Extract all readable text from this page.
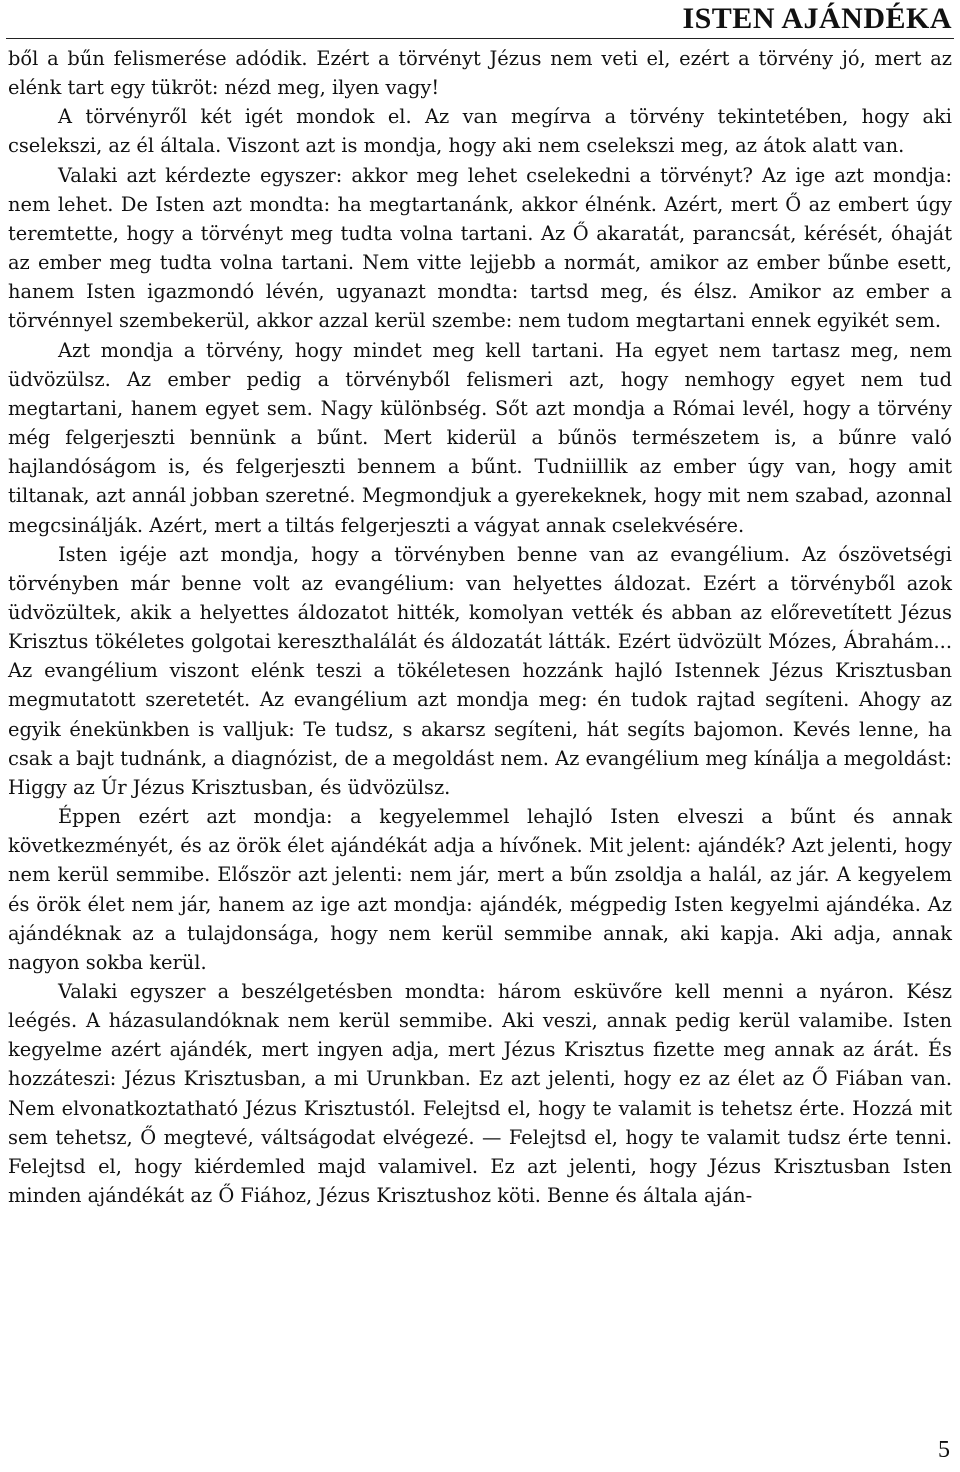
ISTEN AJÁNDÉKA

ből a bűn felismerése adódik. Ezért a törvényt Jézus nem veti el, ezért a törvény jó, mert az elénk tart egy tükröt: nézd meg, ilyen vagy!

A törvényről két igét mondok el. Az van megírva a törvény tekintetében, hogy aki cselekszi, az él általa. Viszont azt is mondja, hogy aki nem cselekszi meg, az átok alatt van.

Valaki azt kérdezte egyszer: akkor meg lehet cselekedni a törvényt? Az ige azt mondja: nem lehet. De Isten azt mondta: ha megtartanánk, akkor élnénk. Azért, mert Ő az embert úgy teremtette, hogy a törvényt meg tudta volna tartani. Az Ő akaratát, parancsát, kérését, óhaját az ember meg tudta volna tartani. Nem vitte lejjebb a normát, amikor az ember bűnbe esett, hanem Isten igazmondó lévén, ugyanazt mondta: tartsd meg, és élsz. Amikor az ember a törvénnyel szembekerül, akkor azzal kerül szembe: nem tudom megtartani ennek egyikét sem.

Azt mondja a törvény, hogy mindet meg kell tartani. Ha egyet nem tartasz meg, nem üdvözülsz. Az ember pedig a törvényből felismeri azt, hogy nemhogy egyet nem tud megtartani, hanem egyet sem. Nagy különbség. Sőt azt mondja a Római levél, hogy a törvény még felgerjeszti bennünk a bűnt. Mert kiderül a bűnös természetem is, a bűnre való hajlandóságom is, és felgerjeszti bennem a bűnt. Tudniillik az ember úgy van, hogy amit tiltanak, azt annál jobban szeretné. Megmondjuk a gyerekeknek, hogy mit nem szabad, azonnal megcsinálják. Azért, mert a tiltás felgerjeszti a vágyat annak cselekvésére.

Isten igéje azt mondja, hogy a törvényben benne van az evangélium. Az ószövetségi törvényben már benne volt az evangélium: van helyettes áldozat. Ezért a törvényből azok üdvözültek, akik a helyettes áldozatot hitték, komolyan vették és abban az előrevetített Jézus Krisztus tökéletes golgotai kereszthalálát és áldozatát látták. Ezért üdvözült Mózes, Ábrahám... Az evangélium viszont elénk teszi a tökéletesen hozzánk hajló Istennek Jézus Krisztusban megmutatott szeretetét. Az evangélium azt mondja meg: én tudok rajtad segíteni. Ahogy az egyik énekünkben is valljuk: Te tudsz, s akarsz segíteni, hát segíts bajomon. Kevés lenne, ha csak a bajt tudnánk, a diagnózist, de a megoldást nem. Az evangélium meg kínálja a megoldást: Higgy az Úr Jézus Krisztusban, és üdvözülsz.

Éppen ezért azt mondja: a kegyelemmel lehajló Isten elveszi a bűnt és annak következményét, és az örök élet ajándékát adja a hívőnek. Mit jelent: ajándék? Azt jelenti, hogy nem kerül semmibe. Először azt jelenti: nem jár, mert a bűn zsoldja a halál, az jár. A kegyelem és örök élet nem jár, hanem az ige azt mondja: ajándék, mégpedig Isten kegyelmi ajándéka. Az ajándéknak az a tulajdonsága, hogy nem kerül semmibe annak, aki kapja. Aki adja, annak nagyon sokba kerül.

Valaki egyszer a beszélgetésben mondta: három esküvőre kell menni a nyáron. Kész leégés. A házasulandóknak nem kerül semmibe. Aki veszi, annak pedig kerül valamibe. Isten kegyelme azért ajándék, mert ingyen adja, mert Jézus Krisztus fizette meg annak az árát. És hozzáteszi: Jézus Krisztusban, a mi Urunkban. Ez azt jelenti, hogy ez az élet az Ő Fiában van. Nem elvonatkoztatható Jézus Krisztustól. Felejtsd el, hogy te valamit is tehetsz érte. Hozzá mit sem tehetsz, Ő megtevé, váltságodat elvégezé. — Felejtsd el, hogy te valamit tudsz érte tenni. Felejtsd el, hogy kiérdemled majd valamivel. Ez azt jelenti, hogy Jézus Krisztusban Isten minden ajándékát az Ő Fiához, Jézus Krisztushoz köti. Benne és általa aján-

5
